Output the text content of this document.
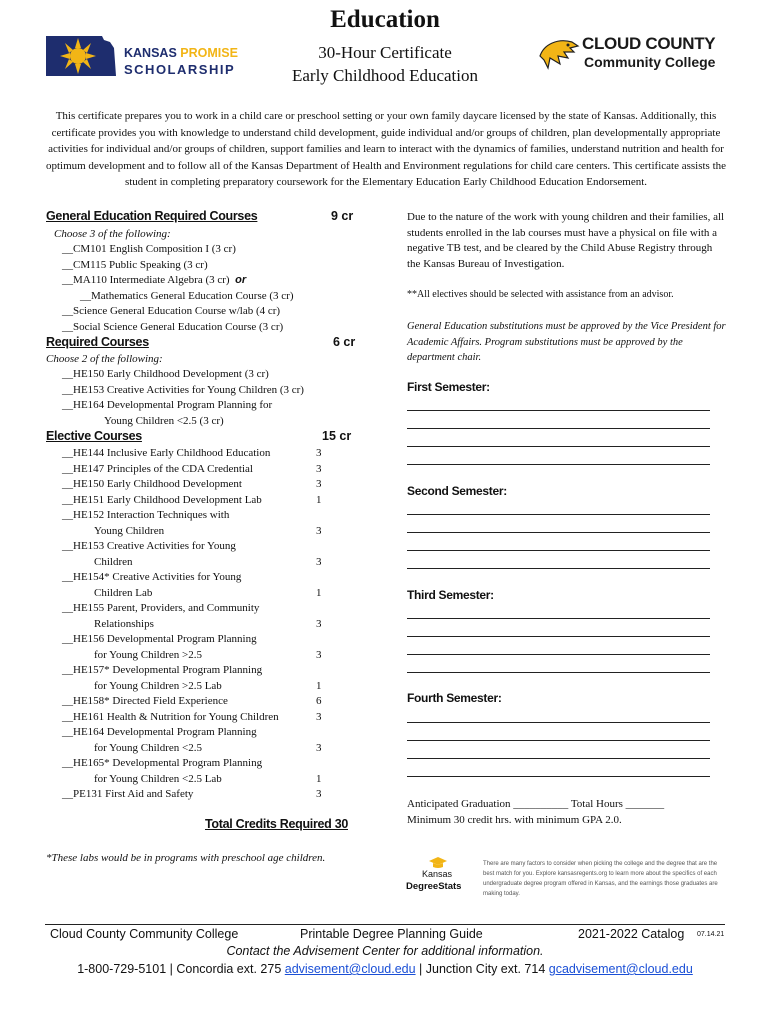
Education
30-Hour Certificate
Early Childhood Education
KANSAS PROMISE
SCHOLARSHIP
CLOUD COUNTY
Community College

This certificate prepares you to work in a child care or preschool setting or your own family daycare licensed by the state of Kansas. Additionally, this certificate provides you with knowledge to understand child development, guide individual and/or groups of children, plan developmentally appropriate activities for individual and/or groups of children, support families and learn to interact with the dynamics of families, understand nutrition and health for optimum development and to follow all of the Kansas Department of Health and Environment regulations for child care centers. This certificate assists the student in completing preparatory coursework for the Elementary Education Early Childhood Education Endorsement.

General Education Required Courses	9 cr
Choose 3 of the following:
__CM101 English Composition I (3 cr)
__CM115 Public Speaking (3 cr)
__MA110 Intermediate Algebra (3 cr) or
__Mathematics General Education Course (3 cr)
__Science General Education Course w/lab (4 cr)
__Social Science General Education Course (3 cr)
Required Courses	6 cr
Choose 2 of the following:
__HE150 Early Childhood Development (3 cr)
__HE153 Creative Activities for Young Children (3 cr)
__HE164 Developmental Program Planning for
Young Children <2.5 (3 cr)
Elective Courses	15 cr
__HE144 Inclusive Early Childhood Education	3
__HE147 Principles of the CDA Credential	3
__HE150 Early Childhood Development	3
__HE151 Early Childhood Development Lab	1
__HE152 Interaction Techniques with
Young Children	3
__HE153 Creative Activities for Young
Children	3
__HE154* Creative Activities for Young
Children Lab	1
__HE155 Parent, Providers, and Community
Relationships	3
__HE156 Developmental Program Planning
for Young Children >2.5	3
__HE157* Developmental Program Planning
for Young Children >2.5 Lab	1
__HE158* Directed Field Experience	6
__HE161 Health & Nutrition for Young Children	3
__HE164 Developmental Program Planning
for Young Children <2.5	3
__HE165* Developmental Program Planning
for Young Children <2.5 Lab	1
__PE131 First Aid and Safety	3
Total Credits Required 30
*These labs would be in programs with preschool age children.

Due to the nature of the work with young children and their families, all students enrolled in the lab courses must have a physical on file with a negative TB test, and be cleared by the Child Abuse Registry through the Kansas Bureau of Investigation.

**All electives should be selected with assistance from an advisor.

General Education substitutions must be approved by the Vice President for Academic Affairs. Program substitutions must be approved by the department chair.

First Semester:
Second Semester:
Third Semester:
Fourth Semester:
Anticipated Graduation __________ Total Hours _______
Minimum 30 credit hrs. with minimum GPA 2.0.
Kansas
DegreeStats

There are many factors to consider when picking the college and the degree that are the best match for you. Explore kansasregents.org to learn more about the specifics of each undergraduate degree program offered in Kansas, and the earnings those graduates are making today.

Cloud County Community College	Printable Degree Planning Guide	2021-2022 Catalog 07.14.21
Contact the Advisement Center for additional information.
1-800-729-5101 | Concordia ext. 275 advisement@cloud.edu | Junction City ext. 714 gcadvisement@cloud.edu
